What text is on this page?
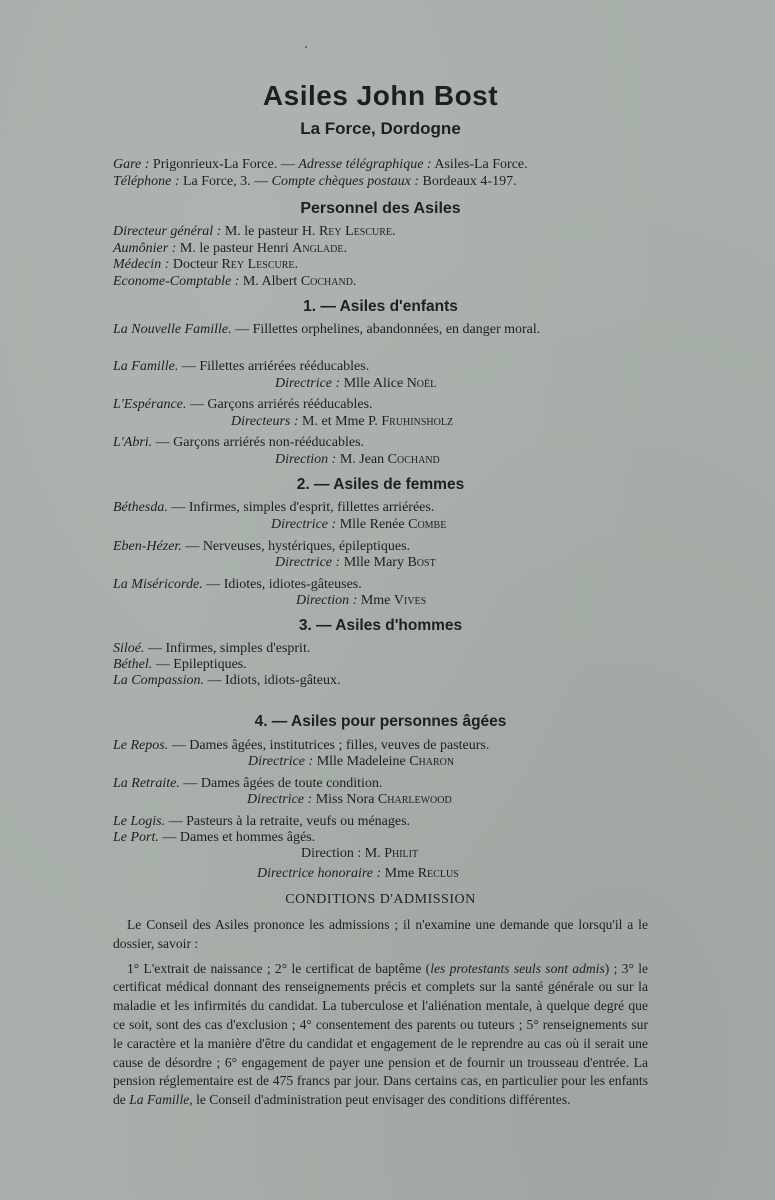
Asiles John Bost
La Force, Dordogne
Gare : Prigonrieux-La Force. — Adresse télégraphique : Asiles-La Force.
Téléphone : La Force, 3. — Compte chèques postaux : Bordeaux 4-197.
Personnel des Asiles
Directeur général : M. le pasteur H. Rey Lescure.
Aumônier : M. le pasteur Henri Anglade.
Médecin : Docteur Rey Lescure.
Econome-Comptable : M. Albert Cochand.
1. — Asiles d'enfants
La Nouvelle Famille. — Fillettes orphelines, abandonnées, en danger moral.
La Famille. — Fillettes arriérées rééducables.
Directrice : Mlle Alice Noël
L'Espérance. — Garçons arriérés rééducables.
Directeurs : M. et Mme P. Fruhinsholz
L'Abri. — Garçons arriérés non-rééducables.
Direction : M. Jean Cochand
2. — Asiles de femmes
Béthesda. — Infirmes, simples d'esprit, fillettes arriérées.
Directrice : Mlle Renée Combe
Eben-Hézer. — Nerveuses, hystériques, épileptiques.
Directrice : Mlle Mary Bost
La Miséricorde. — Idiotes, idiotes-gâteuses.
Direction : Mme Vives
3. — Asiles d'hommes
Siloé. — Infirmes, simples d'esprit.
Béthel. — Epileptiques.
La Compassion. — Idiots, idiots-gâteux.
4. — Asiles pour personnes âgées
Le Repos. — Dames âgées, institutrices ; filles, veuves de pasteurs.
Directrice : Mlle Madeleine Charon
La Retraite. — Dames âgées de toute condition.
Directrice : Miss Nora Charlewood
Le Logis. — Pasteurs à la retraite, veufs ou ménages.
Le Port. — Dames et hommes âgés.
Direction : M. Philit
Directrice honoraire : Mme Reclus
CONDITIONS D'ADMISSION

Le Conseil des Asiles prononce les admissions ; il n'examine une demande que lorsqu'il a le dossier, savoir :

1° L'extrait de naissance ; 2° le certificat de baptême (les protestants seuls sont admis) ; 3° le certificat médical donnant des renseignements précis et complets sur la santé générale ou sur la maladie et les infirmités du candidat. La tuberculose et l'aliénation mentale, à quelque degré que ce soit, sont des cas d'exclusion ; 4° consentement des parents ou tuteurs ; 5° renseignements sur le caractère et la manière d'être du candidat et engagement de le reprendre au cas où il serait une cause de désordre ; 6° engagement de payer une pension et de fournir un trousseau d'entrée. La pension réglementaire est de 475 francs par jour. Dans certains cas, en particulier pour les enfants de La Famille, le Conseil d'administration peut envisager des conditions différentes.
